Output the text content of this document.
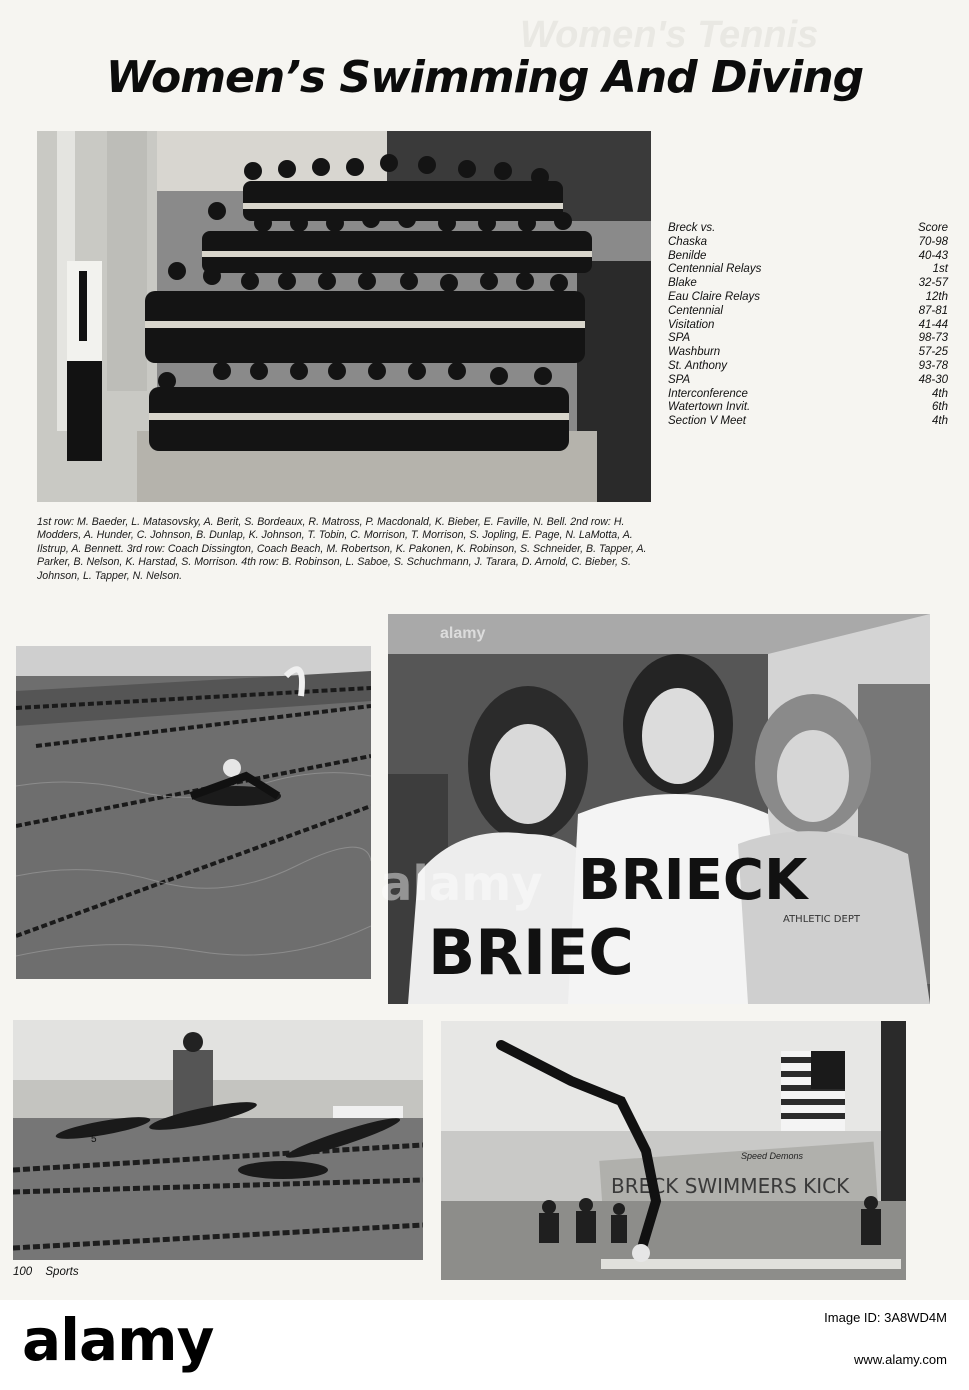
Women's Tennis
Women’s Swimming And Diving
Breck vs.	Score
Chaska	70-98
Benilde	40-43
Centennial Relays	1st
Blake	32-57
Eau Claire Relays	12th
Centennial	87-81
Visitation	41-44
SPA	98-73
Washburn	57-25
St. Anthony	93-78
SPA	48-30
Interconference	4th
Watertown Invit.	6th
Section V Meet	4th
1st row: M. Baeder, L. Matasovsky, A. Berit, S. Bordeaux, R. Matross, P. Macdonald, K. Bieber, E. Faville, N. Bell. 2nd row: H. Modders, A. Hunder, C. Johnson, B. Dunlap, K. Johnson, T. Tobin, C. Morrison, T. Morrison, S. Jopling, E. Page, N. LaMotta, A. Ilstrup, A. Bennett. 3rd row: Coach Dissington, Coach Beach, M. Robertson, K. Pakonen, K. Robinson, S. Schneider, B. Tapper, A. Parker, B. Nelson, K. Harstad, S. Morrison. 4th row: B. Robinson, L. Saboe, S. Schuchmann, J. Tarara, D. Arnold, C. Bieber, S. Johnson, L. Tapper, N. Nelson.
BRIEC
BRIECK
ATHLETIC DEPT
5
Speed Demons
BRECK SWIMMERS KICK
alamy
alamy
100 Sports
alamy	Image ID: 3A8WD4M
www.alamy.com
